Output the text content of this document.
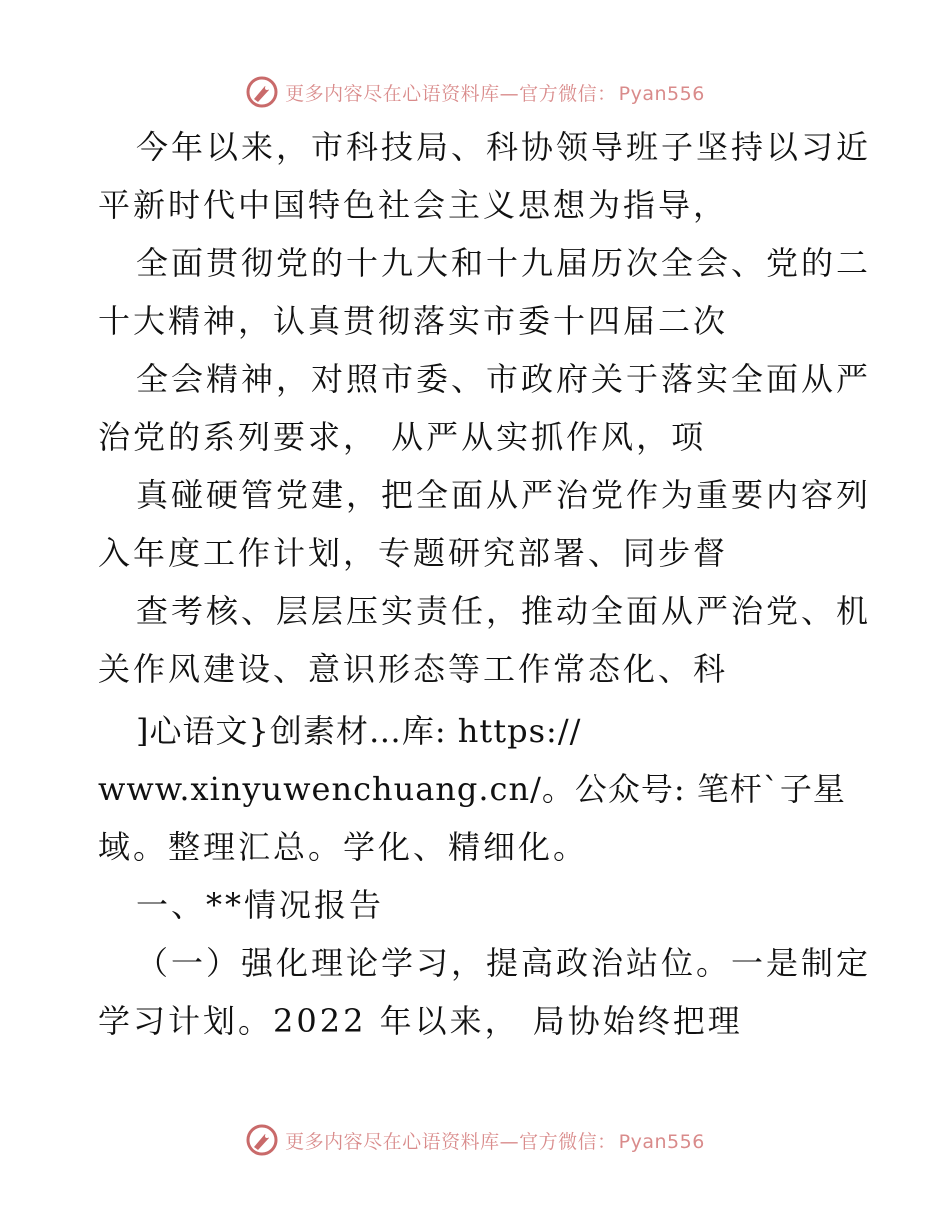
更多内容尽在心语资料库—官方微信： Pyan556
今年以来，市科技局、科协领导班子坚持以习近
平新时代中国特色社会主义思想为指导，
全面贯彻党的十九大和十九届历次全会、党的二
十大精神，认真贯彻落实市委十四届二次
全会精神，对照市委、市政府关于落实全面从严
治党的系列要求， 从严从实抓作风，项
真碰硬管党建，把全面从严治党作为重要内容列
入年度工作计划，专题研究部署、同步督
查考核、层层压实责任，推动全面从严治党、机
关作风建设、意识形态等工作常态化、科
]心语文}创素材…库: https://
www.xinyuwenchuang.cn/。公众号: 笔杆`子星
域。整理汇总。学化、精细化。
一、**情况报告
（一）强化理论学习，提高政治站位。一是制定
学习计划。2022 年以来， 局协始终把理
更多内容尽在心语资料库—官方微信： Pyan556
